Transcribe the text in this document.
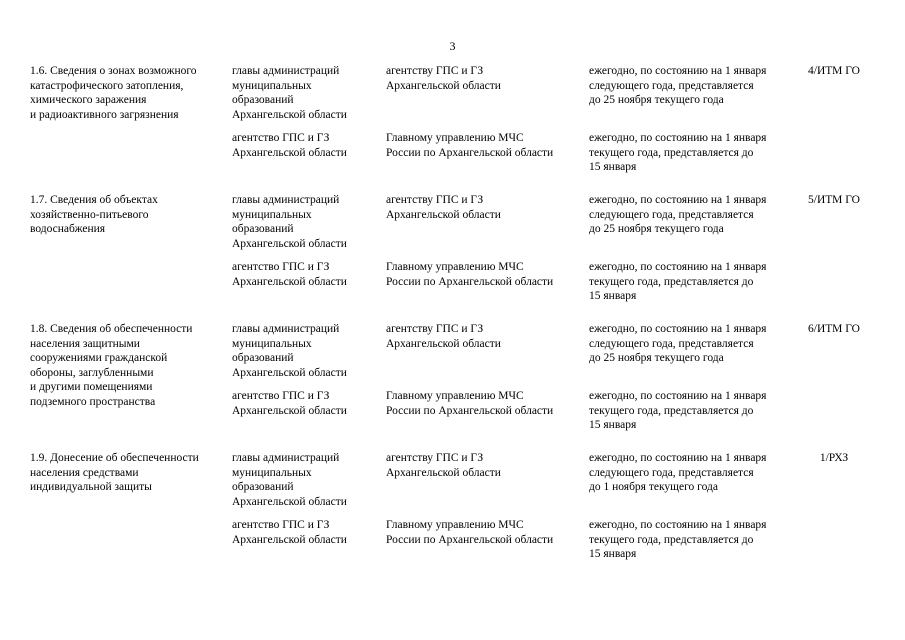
3
1.6. Сведения о зонах возможного
катастрофического затопления,
химического заражения
и радиоактивного загрязнения
главы администраций
муниципальных
образований
Архангельской области
агентству ГПС и ГЗ
Архангельской области
ежегодно, по состоянию на 1 января
следующего года, представляется
до 25 ноября текущего года
4/ИТМ ГО
агентство ГПС и ГЗ
Архангельской области
Главному управлению МЧС
России по Архангельской области
ежегодно, по состоянию на 1 января
текущего года, представляется до
15 января
1.7. Сведения об объектах
хозяйственно-питьевого
водоснабжения
главы администраций
муниципальных
образований
Архангельской области
агентству ГПС и ГЗ
Архангельской области
ежегодно, по состоянию на 1 января
следующего года, представляется
до 25 ноября текущего года
5/ИТМ ГО
агентство ГПС и ГЗ
Архангельской области
Главному управлению МЧС
России по Архангельской области
ежегодно, по состоянию на 1 января
текущего года, представляется до
15 января
1.8. Сведения об обеспеченности
населения защитными
сооружениями гражданской
обороны, заглубленными
и другими помещениями
подземного пространства
главы администраций
муниципальных
образований
Архангельской области
агентству ГПС и ГЗ
Архангельской области
ежегодно, по состоянию на 1 января
следующего года, представляется
до 25 ноября текущего года
6/ИТМ ГО
агентство ГПС и ГЗ
Архангельской области
Главному управлению МЧС
России по Архангельской области
ежегодно, по состоянию на 1 января
текущего года, представляется до
15 января
1.9. Донесение об обеспеченности
населения средствами
индивидуальной защиты
главы администраций
муниципальных
образований
Архангельской области
агентству ГПС и ГЗ
Архангельской области
ежегодно, по состоянию на 1 января
следующего года, представляется
до 1 ноября текущего года
1/РХЗ
агентство ГПС и ГЗ
Архангельской области
Главному управлению МЧС
России по Архангельской области
ежегодно, по состоянию на 1 января
текущего года, представляется до
15 января
